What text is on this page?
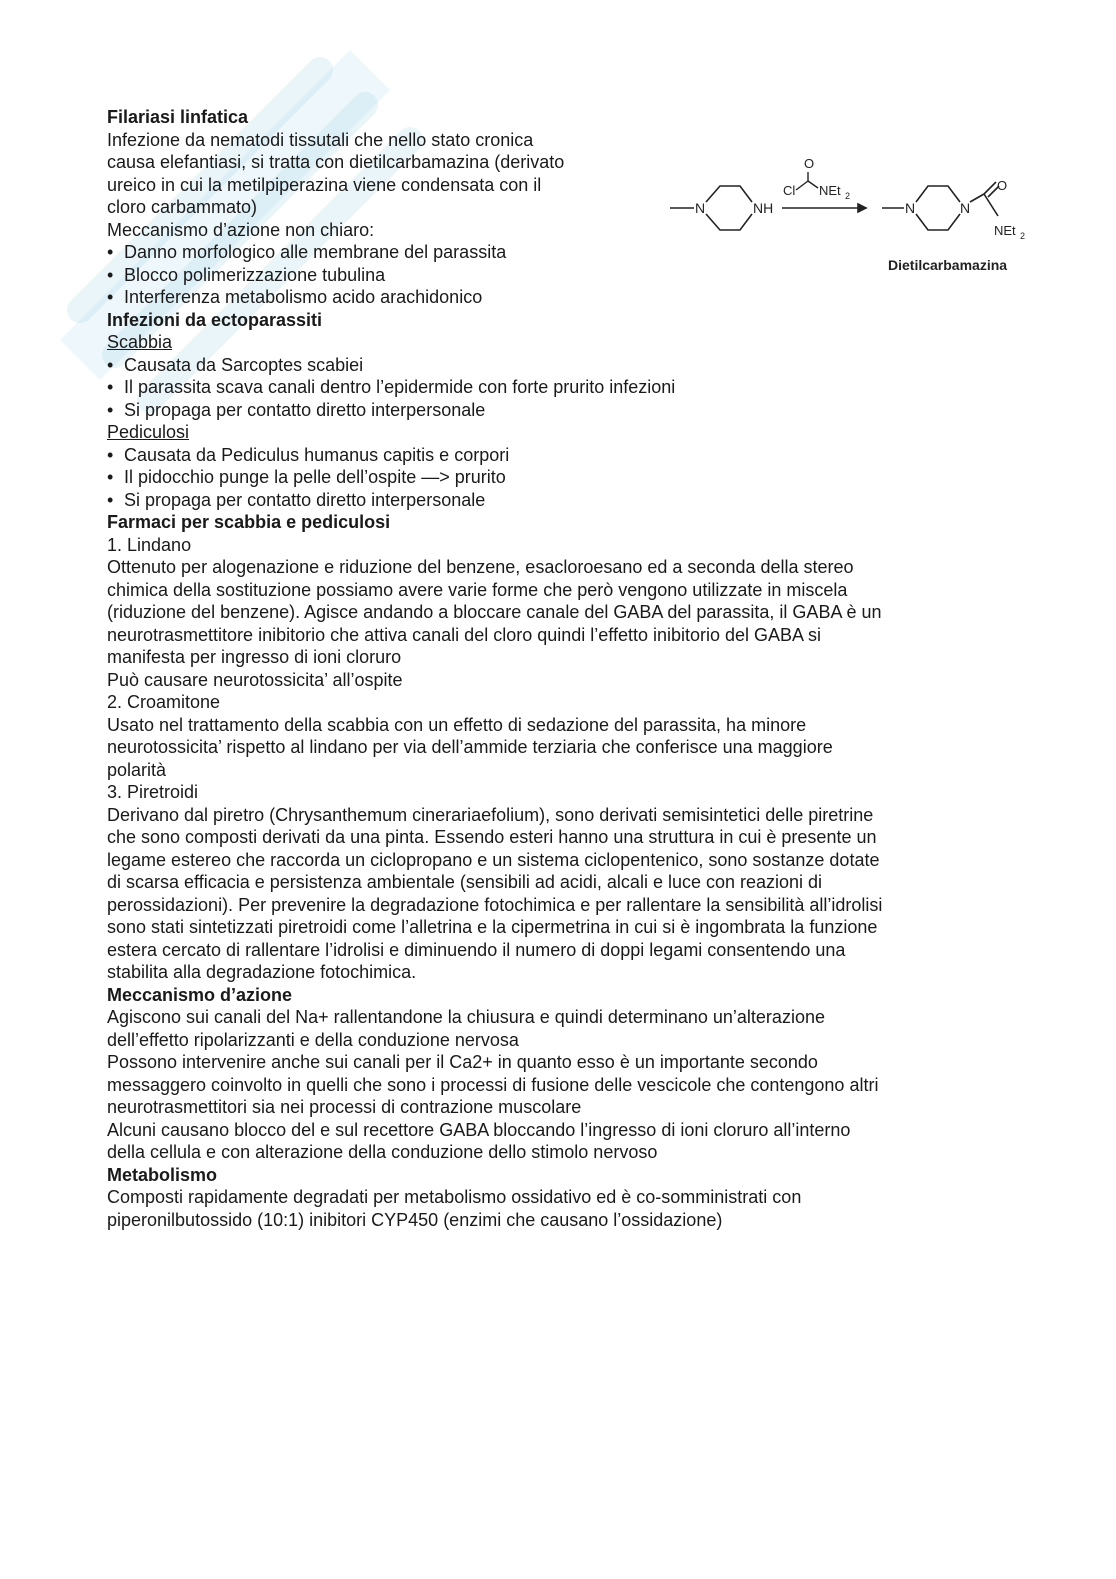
N	NH
O
Cl NEt 2
N	N
O
NEt 2
Dietilcarbamazina
Filariasi linfatica
Infezione da nematodi tissutali che nello stato cronica
causa elefantiasi, si tratta con dietilcarbamazina (derivato
ureico in cui la metilpiperazina viene condensata con il
cloro carbammato)
Meccanismo d’azione non chiaro:
• Danno morfologico alle membrane del parassita
• Blocco polimerizzazione tubulina
• Interferenza metabolismo acido arachidonico
Infezioni da ectoparassiti
Scabbia
• Causata da Sarcoptes scabiei
• Il parassita scava canali dentro l’epidermide con forte prurito infezioni
• Si propaga per contatto diretto interpersonale
Pediculosi
• Causata da Pediculus humanus capitis e corpori
• Il pidocchio punge la pelle dell’ospite —> prurito
• Si propaga per contatto diretto interpersonale
Farmaci per scabbia e pediculosi
1. Lindano
Ottenuto per alogenazione e riduzione del benzene, esacloroesano ed a seconda della stereo
chimica della sostituzione possiamo avere varie forme che però vengono utilizzate in miscela
(riduzione del benzene). Agisce andando a bloccare canale del GABA del parassita, il GABA è un
neurotrasmettitore inibitorio che attiva canali del cloro quindi l’effetto inibitorio del GABA si
manifesta per ingresso di ioni cloruro
Può causare neurotossicita’ all’ospite
2. Croamitone
Usato nel trattamento della scabbia con un effetto di sedazione del parassita, ha minore
neurotossicita’ rispetto al lindano per via dell’ammide terziaria che conferisce una maggiore
polarità
3. Piretroidi
Derivano dal piretro (Chrysanthemum cinerariaefolium), sono derivati semisintetici delle piretrine
che sono composti derivati da una pinta. Essendo esteri hanno una struttura in cui è presente un
legame estereo che raccorda un ciclopropano e un sistema ciclopentenico, sono sostanze dotate
di scarsa efficacia e persistenza ambientale (sensibili ad acidi, alcali e luce con reazioni di
perossidazioni). Per prevenire la degradazione fotochimica e per rallentare la sensibilità all’idrolisi
sono stati sintetizzati piretroidi come l’alletrina e la cipermetrina in cui si è ingombrata la funzione
estera cercato di rallentare l’idrolisi e diminuendo il numero di doppi legami consentendo una
stabilita alla degradazione fotochimica.
Meccanismo d’azione
Agiscono sui canali del Na+ rallentandone la chiusura e quindi determinano un’alterazione
dell’effetto ripolarizzanti e della conduzione nervosa
Possono intervenire anche sui canali per il Ca2+ in quanto esso è un importante secondo
messaggero coinvolto in quelli che sono i processi di fusione delle vescicole che contengono altri
neurotrasmettitori sia nei processi di contrazione muscolare
Alcuni causano blocco del e sul recettore GABA bloccando l’ingresso di ioni cloruro all’interno
della cellula e con alterazione della conduzione dello stimolo nervoso
Metabolismo
Composti rapidamente degradati per metabolismo ossidativo ed è co-somministrati con
piperonilbutossido (10:1) inibitori CYP450 (enzimi che causano l’ossidazione)
